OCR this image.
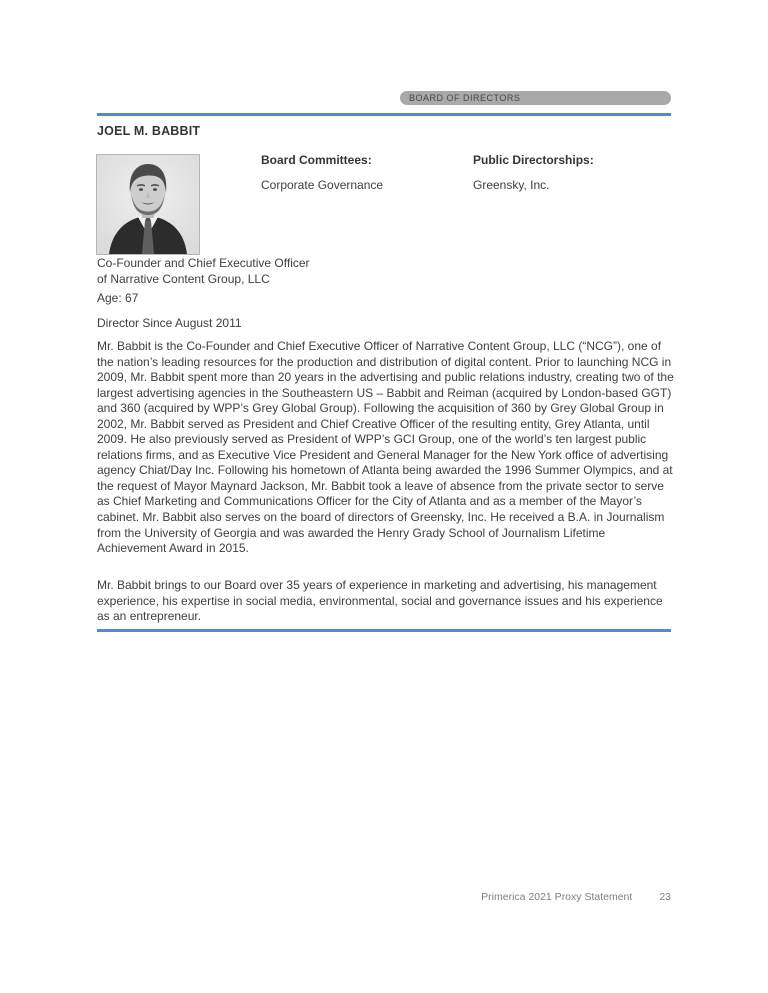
BOARD OF DIRECTORS
JOEL M. BABBIT
Board Committees:
Corporate Governance
Public Directorships:
Greensky, Inc.
Co-Founder and Chief Executive Officer
of Narrative Content Group, LLC
Age: 67
Director Since August 2011
Mr. Babbit is the Co-Founder and Chief Executive Officer of Narrative Content Group, LLC (“NCG”), one of the nation’s leading resources for the production and distribution of digital content. Prior to launching NCG in 2009, Mr. Babbit spent more than 20 years in the advertising and public relations industry, creating two of the largest advertising agencies in the Southeastern US – Babbit and Reiman (acquired by London-based GGT) and 360 (acquired by WPP’s Grey Global Group). Following the acquisition of 360 by Grey Global Group in 2002, Mr. Babbit served as President and Chief Creative Officer of the resulting entity, Grey Atlanta, until 2009. He also previously served as President of WPP’s GCI Group, one of the world’s ten largest public relations firms, and as Executive Vice President and General Manager for the New York office of advertising agency Chiat/Day Inc. Following his hometown of Atlanta being awarded the 1996 Summer Olympics, and at the request of Mayor Maynard Jackson, Mr. Babbit took a leave of absence from the private sector to serve as Chief Marketing and Communications Officer for the City of Atlanta and as a member of the Mayor’s cabinet. Mr. Babbit also serves on the board of directors of Greensky, Inc. He received a B.A. in Journalism from the University of Georgia and was awarded the Henry Grady School of Journalism Lifetime Achievement Award in 2015.
Mr. Babbit brings to our Board over 35 years of experience in marketing and advertising, his management experience, his expertise in social media, environmental, social and governance issues and his experience as an entrepreneur.
Primerica 2021 Proxy Statement	23
